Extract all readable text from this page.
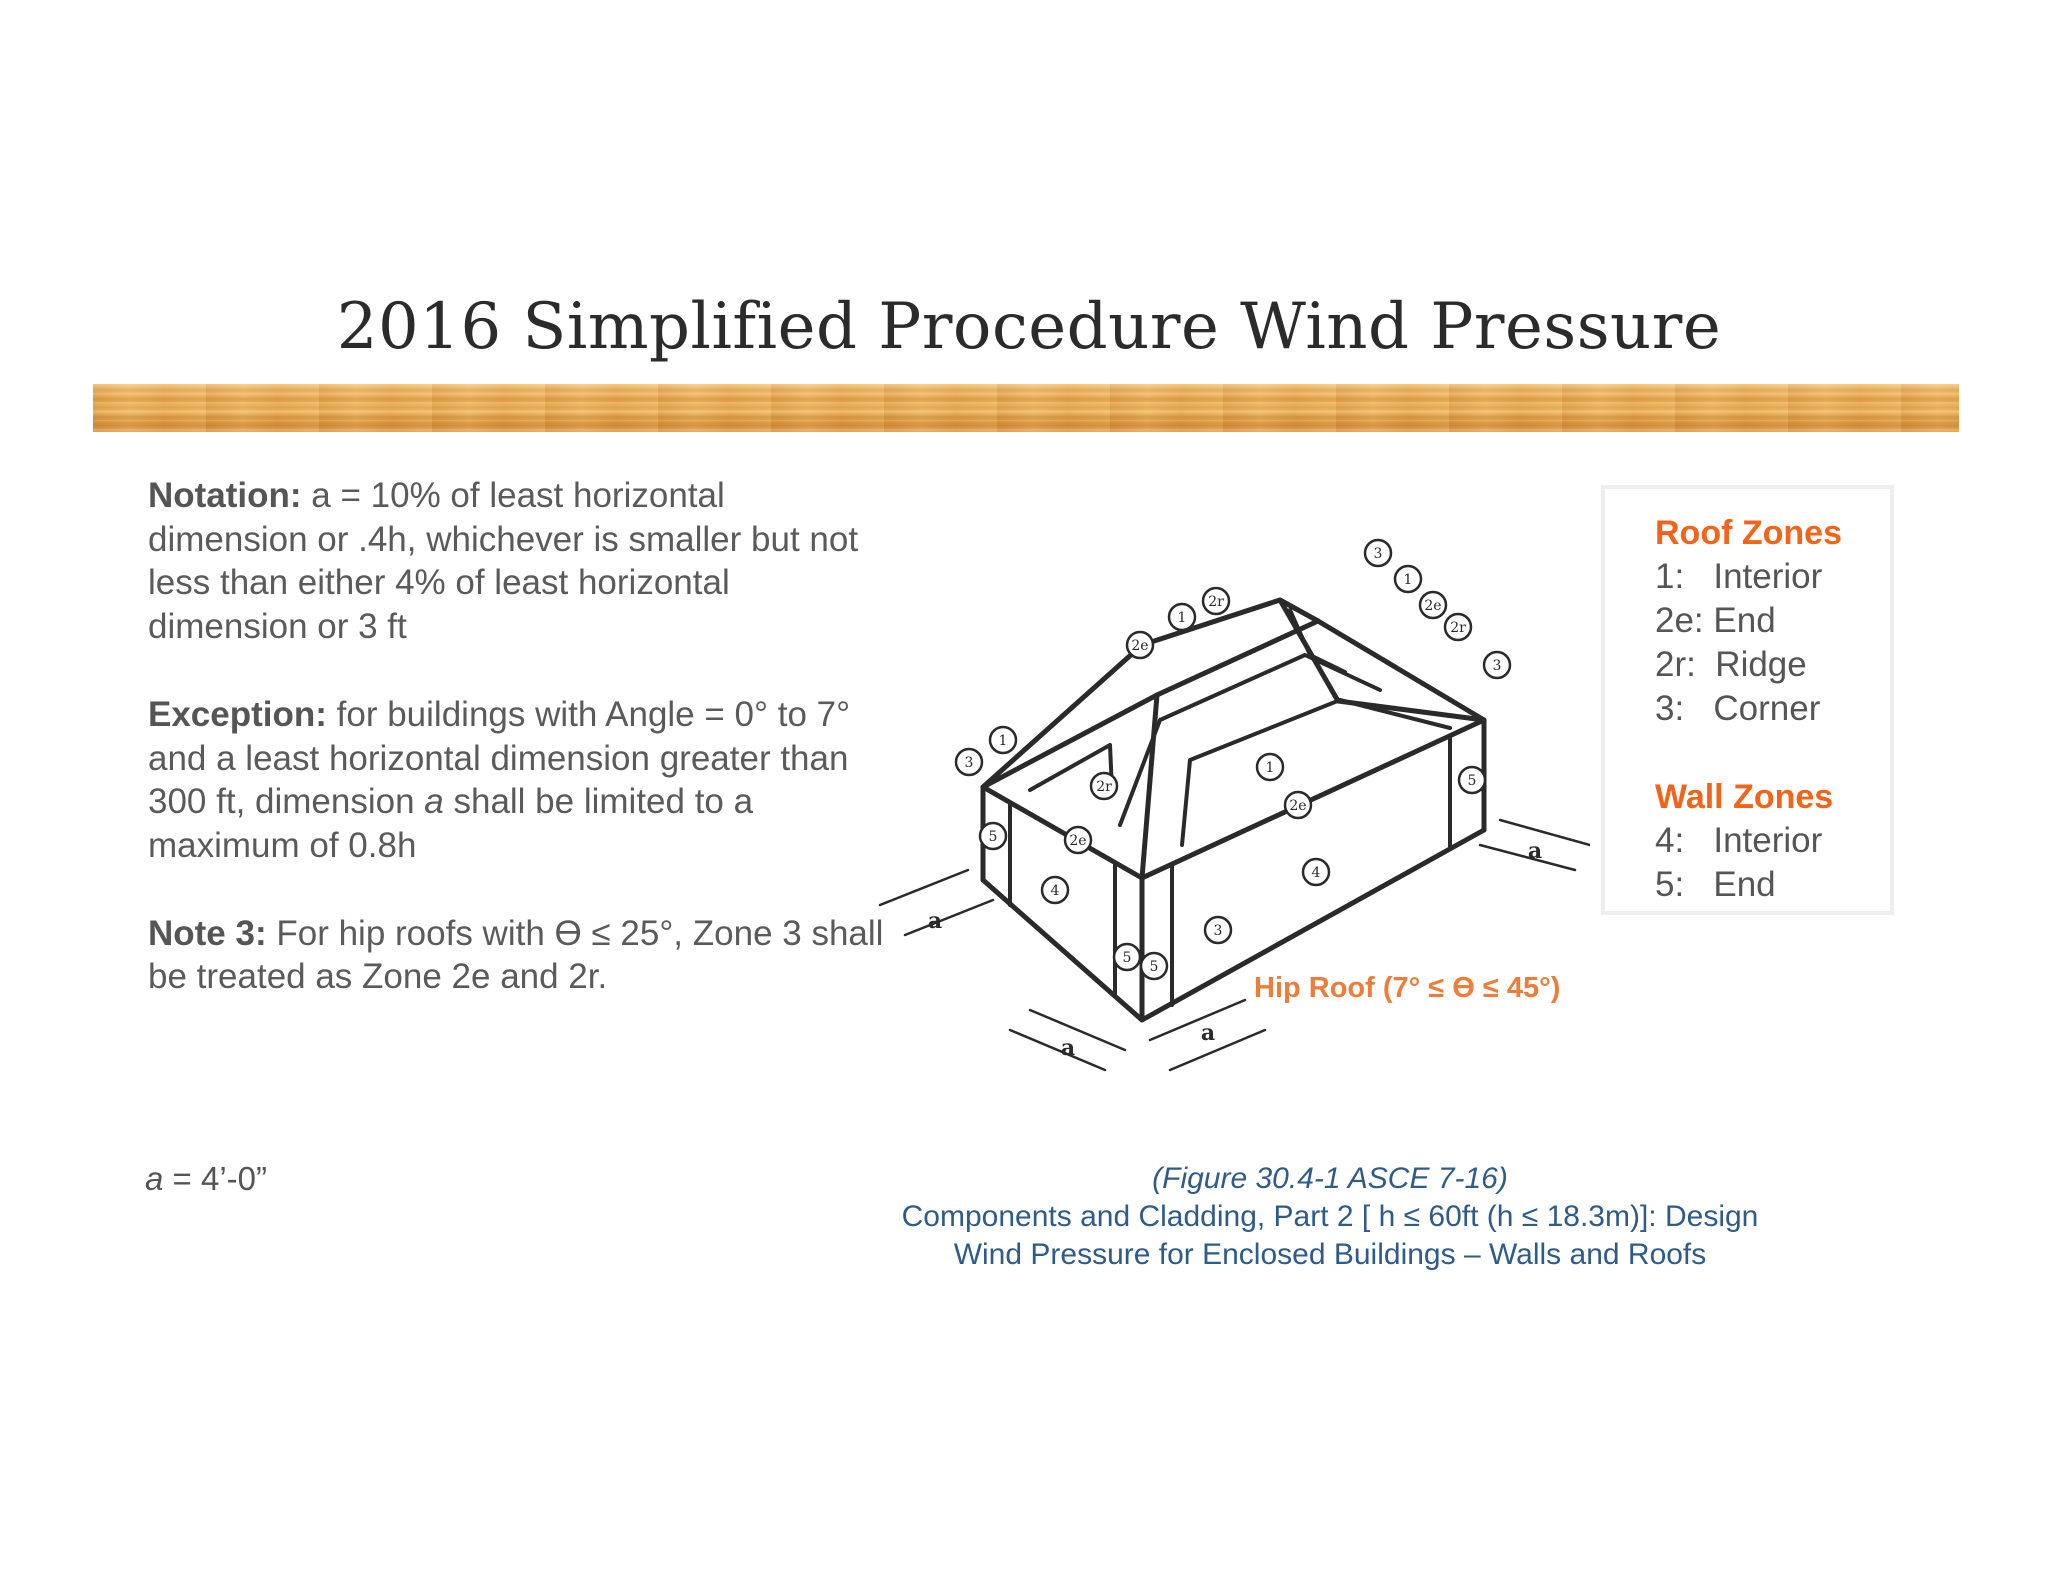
2016 Simplified Procedure Wind Pressure

Notation: a = 10% of least horizontal dimension or .4h, whichever is smaller but not less than either 4% of least horizontal dimension or 3 ft

Exception: for buildings with Angle = 0° to 7° and a least horizontal dimension greater than 300 ft, dimension a shall be limited to a maximum of 0.8h

Note 3: For hip roofs with ϴ ≤ 25°, Zone 3 shall be treated as Zone 2e and 2r.

a = 4’-0”
3
1
2e
2r
3
2r
1
2e
1
3
2r
2e
5
4
3
5
5
1
2e
4
5
a
a
a
a
Hip Roof (7° ≤ ϴ ≤ 45°)
Roof Zones
1:   Interior
2e: End
2r:  Ridge
3:   Corner
Wall Zones
4:   Interior
5:   End
(Figure 30.4-1 ASCE 7-16)
Components and Cladding, Part 2 [ h ≤ 60ft (h ≤ 18.3m)]: Design
Wind Pressure for Enclosed Buildings – Walls and Roofs
